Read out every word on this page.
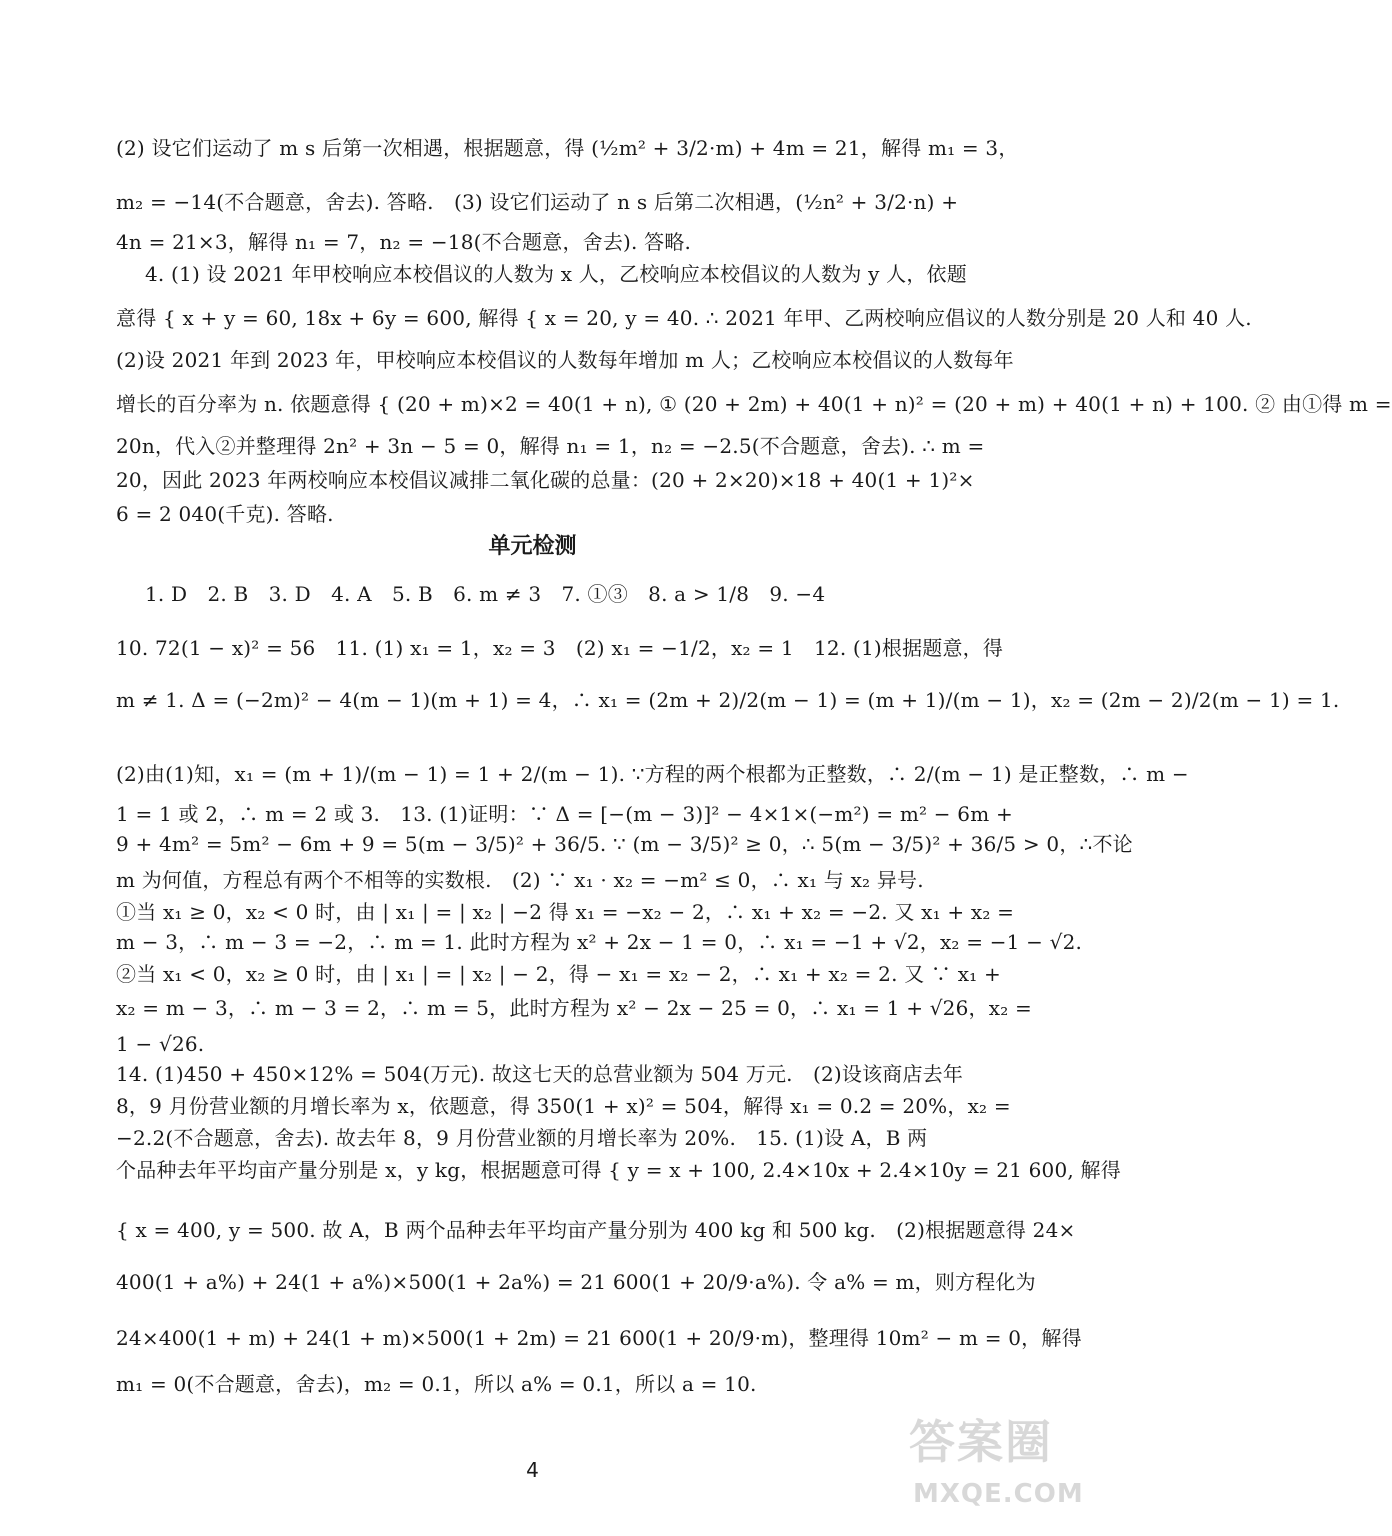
(2) 设它们运动了 m s 后第一次相遇，根据题意，得 (½m² + 3/2·m) + 4m = 21，解得 m₁ = 3，
m₂ = −14(不合题意，舍去). 答略.　(3) 设它们运动了 n s 后第二次相遇，(½n² + 3/2·n) +
4n = 21×3，解得 n₁ = 7，n₂ = −18(不合题意，舍去). 答略.
4. (1) 设 2021 年甲校响应本校倡议的人数为 x 人，乙校响应本校倡议的人数为 y 人，依题
意得 { x + y = 60, 18x + 6y = 600, 解得 { x = 20, y = 40. ∴ 2021 年甲、乙两校响应倡议的人数分别是 20 人和 40 人.
(2)设 2021 年到 2023 年，甲校响应本校倡议的人数每年增加 m 人；乙校响应本校倡议的人数每年
增长的百分率为 n. 依题意得 { (20 + m)×2 = 40(1 + n), ① (20 + 2m) + 40(1 + n)² = (20 + m) + 40(1 + n) + 100. ② 由①得 m =
20n，代入②并整理得 2n² + 3n − 5 = 0，解得 n₁ = 1，n₂ = −2.5(不合题意，舍去). ∴ m =
20，因此 2023 年两校响应本校倡议减排二氧化碳的总量：(20 + 2×20)×18 + 40(1 + 1)²×
6 = 2 040(千克). 答略.
单元检测
1. D　2. B　3. D　4. A　5. B　6. m ≠ 3　7. ①③　8. a > 1/8　9. −4
10. 72(1 − x)² = 56　11. (1) x₁ = 1，x₂ = 3　(2) x₁ = −1/2，x₂ = 1　12. (1)根据题意，得
m ≠ 1. Δ = (−2m)² − 4(m − 1)(m + 1) = 4，∴ x₁ = (2m + 2)/2(m − 1) = (m + 1)/(m − 1)，x₂ = (2m − 2)/2(m − 1) = 1.
(2)由(1)知，x₁ = (m + 1)/(m − 1) = 1 + 2/(m − 1). ∵方程的两个根都为正整数，∴ 2/(m − 1) 是正整数，∴ m −
1 = 1 或 2，∴ m = 2 或 3.　13. (1)证明：∵ Δ = [−(m − 3)]² − 4×1×(−m²) = m² − 6m +
9 + 4m² = 5m² − 6m + 9 = 5(m − 3/5)² + 36/5. ∵ (m − 3/5)² ≥ 0，∴ 5(m − 3/5)² + 36/5 > 0，∴不论
m 为何值，方程总有两个不相等的实数根.　(2) ∵ x₁ · x₂ = −m² ≤ 0，∴ x₁ 与 x₂ 异号.
①当 x₁ ≥ 0，x₂ < 0 时，由 | x₁ | = | x₂ | −2 得 x₁ = −x₂ − 2，∴ x₁ + x₂ = −2. 又 x₁ + x₂ =
m − 3，∴ m − 3 = −2，∴ m = 1. 此时方程为 x² + 2x − 1 = 0，∴ x₁ = −1 + √2，x₂ = −1 − √2.
②当 x₁ < 0，x₂ ≥ 0 时，由 | x₁ | = | x₂ | − 2，得 − x₁ = x₂ − 2，∴ x₁ + x₂ = 2. 又 ∵ x₁ +
x₂ = m − 3，∴ m − 3 = 2，∴ m = 5，此时方程为 x² − 2x − 25 = 0，∴ x₁ = 1 + √26，x₂ =
1 − √26.
14. (1)450 + 450×12% = 504(万元). 故这七天的总营业额为 504 万元.　(2)设该商店去年
8，9 月份营业额的月增长率为 x，依题意，得 350(1 + x)² = 504，解得 x₁ = 0.2 = 20%，x₂ =
−2.2(不合题意，舍去). 故去年 8，9 月份营业额的月增长率为 20%.　15. (1)设 A，B 两
个品种去年平均亩产量分别是 x，y kg，根据题意可得 { y = x + 100, 2.4×10x + 2.4×10y = 21 600, 解得
{ x = 400, y = 500. 故 A，B 两个品种去年平均亩产量分别为 400 kg 和 500 kg.　(2)根据题意得 24×
400(1 + a%) + 24(1 + a%)×500(1 + 2a%) = 21 600(1 + 20/9·a%). 令 a% = m，则方程化为
24×400(1 + m) + 24(1 + m)×500(1 + 2m) = 21 600(1 + 20/9·m)，整理得 10m² − m = 0，解得
m₁ = 0(不合题意，舍去)，m₂ = 0.1，所以 a% = 0.1，所以 a = 10.
4
答案圈
MXQE.COM
